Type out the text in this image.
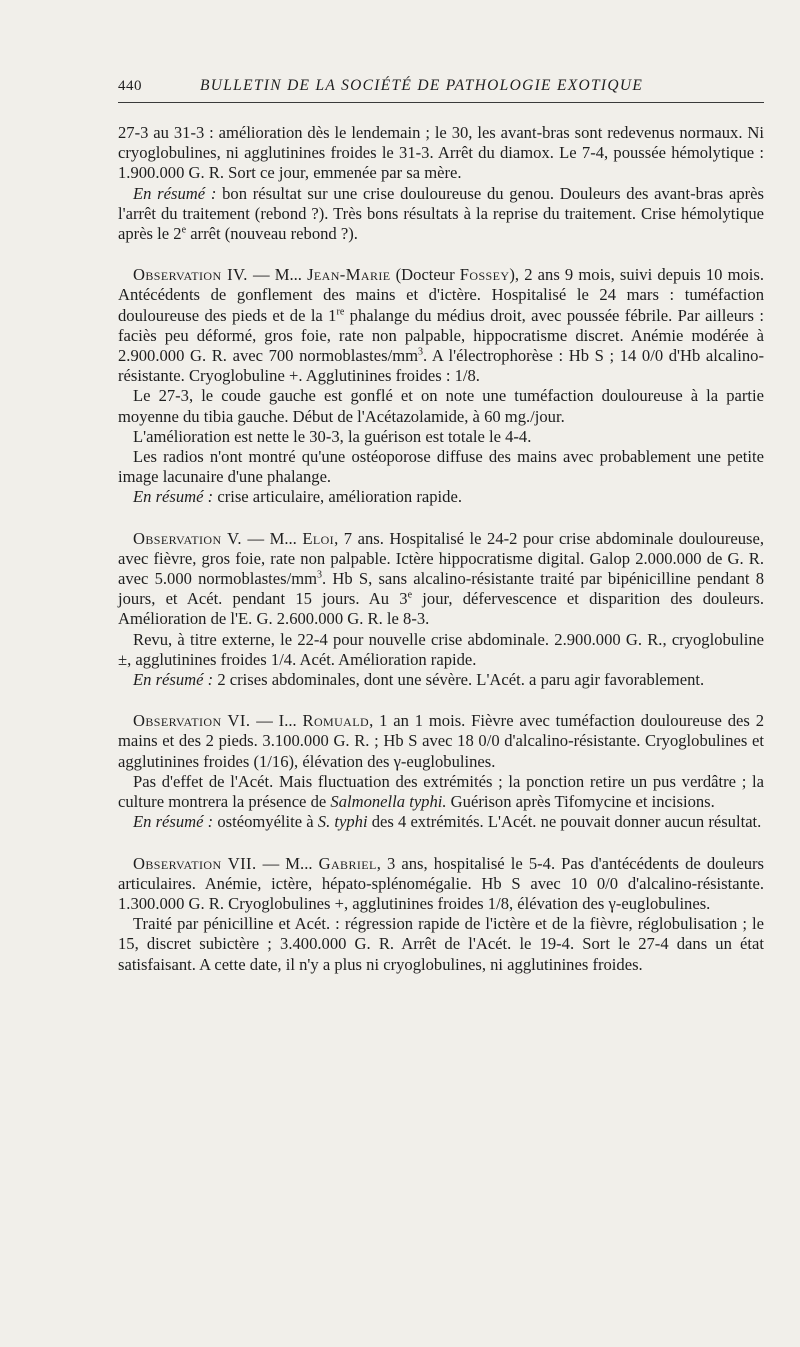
440	BULLETIN DE LA SOCIÉTÉ DE PATHOLOGIE EXOTIQUE

27-3 au 31-3 : amélioration dès le lendemain ; le 30, les avant-bras sont redevenus normaux. Ni cryoglobulines, ni agglutinines froides le 31-3. Arrêt du diamox. Le 7-4, poussée hémolytique : 1.900.000 G. R. Sort ce jour, emmenée par sa mère.

En résumé : bon résultat sur une crise douloureuse du genou. Douleurs des avant-bras après l'arrêt du traitement (rebond ?). Très bons résultats à la reprise du traitement. Crise hémolytique après le 2e arrêt (nouveau rebond ?).

Observation IV. — M... Jean-Marie (Docteur Fossey), 2 ans 9 mois, suivi depuis 10 mois. Antécédents de gonflement des mains et d'ictère. Hospitalisé le 24 mars : tuméfaction douloureuse des pieds et de la 1re phalange du médius droit, avec poussée fébrile. Par ailleurs : faciès peu déformé, gros foie, rate non palpable, hippocratisme discret. Anémie modérée à 2.900.000 G. R. avec 700 normoblastes/$mm^3$. A l'électrophorèse : Hb S ; 14 0/0 d'Hb alcalino-résistante. Cryoglobuline +. Agglutinines froides : 1/8.

Le 27-3, le coude gauche est gonflé et on note une tuméfaction douloureuse à la partie moyenne du tibia gauche. Début de l'Acétazolamide, à 60 mg./jour.

L'amélioration est nette le 30-3, la guérison est totale le 4-4.

Les radios n'ont montré qu'une ostéoporose diffuse des mains avec probablement une petite image lacunaire d'une phalange.

En résumé : crise articulaire, amélioration rapide.

Observation V. — M... Eloi, 7 ans. Hospitalisé le 24-2 pour crise abdominale douloureuse, avec fièvre, gros foie, rate non palpable. Ictère hippocratisme digital. Galop 2.000.000 de G. R. avec 5.000 normoblastes/$mm^3$. Hb S, sans alcalino-résistante traité par bipénicilline pendant 8 jours, et Acét. pendant 15 jours. Au 3e jour, défervescence et disparition des douleurs. Amélioration de l'E. G. 2.600.000 G. R. le 8-3.

Revu, à titre externe, le 22-4 pour nouvelle crise abdominale. 2.900.000 G. R., cryoglobuline ±, agglutinines froides 1/4. Acét. Amélioration rapide.

En résumé : 2 crises abdominales, dont une sévère. L'Acét. a paru agir favorablement.

Observation VI. — I... Romuald, 1 an 1 mois. Fièvre avec tuméfaction douloureuse des 2 mains et des 2 pieds. 3.100.000 G. R. ; Hb S avec 18 0/0 d'alcalino-résistante. Cryoglobulines et agglutinines froides (1/16), élévation des γ-euglobulines.

Pas d'effet de l'Acét. Mais fluctuation des extrémités ; la ponction retire un pus verdâtre ; la culture montrera la présence de Salmonella typhi. Guérison après Tifomycine et incisions.

En résumé : ostéomyélite à S. typhi des 4 extrémités. L'Acét. ne pouvait donner aucun résultat.

Observation VII. — M... Gabriel, 3 ans, hospitalisé le 5-4. Pas d'antécédents de douleurs articulaires. Anémie, ictère, hépato-splénomégalie. Hb S avec 10 0/0 d'alcalino-résistante. 1.300.000 G. R. Cryoglobulines +, agglutinines froides 1/8, élévation des γ-euglobulines.

Traité par pénicilline et Acét. : régression rapide de l'ictère et de la fièvre, réglobulisation ; le 15, discret subictère ; 3.400.000 G. R. Arrêt de l'Acét. le 19-4. Sort le 27-4 dans un état satisfaisant. A cette date, il n'y a plus ni cryoglobulines, ni agglutinines froides.
